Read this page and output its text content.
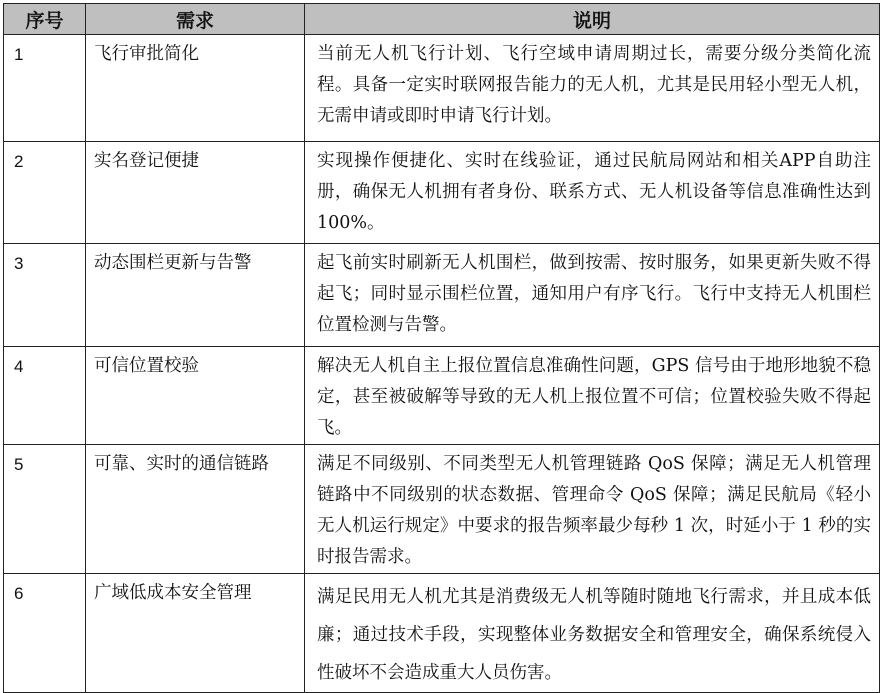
序号	需求	说明
1	飞行审批简化	当前无人机飞行计划、飞行空域申请周期过长，需要分级分类简化流程。具备一定实时联网报告能力的无人机，尤其是民用轻小型无人机，无需申请或即时申请飞行计划。
2	实名登记便捷	实现操作便捷化、实时在线验证，通过民航局网站和相关APP自助注册，确保无人机拥有者身份、联系方式、无人机设备等信息准确性达到100%。
3	动态围栏更新与告警	起飞前实时刷新无人机围栏，做到按需、按时服务，如果更新失败不得起飞；同时显示围栏位置，通知用户有序飞行。飞行中支持无人机围栏位置检测与告警。
4	可信位置校验	解决无人机自主上报位置信息准确性问题，GPS 信号由于地形地貌不稳定，甚至被破解等导致的无人机上报位置不可信；位置校验失败不得起飞。
5	可靠、实时的通信链路	满足不同级别、不同类型无人机管理链路 QoS 保障；满足无人机管理链路中不同级别的状态数据、管理命令 QoS 保障；满足民航局《轻小无人机运行规定》中要求的报告频率最少每秒 1 次，时延小于 1 秒的实时报告需求。
6	广域低成本安全管理	满足民用无人机尤其是消费级无人机等随时随地飞行需求，并且成本低廉；通过技术手段，实现整体业务数据安全和管理安全，确保系统侵入性破坏不会造成重大人员伤害。
